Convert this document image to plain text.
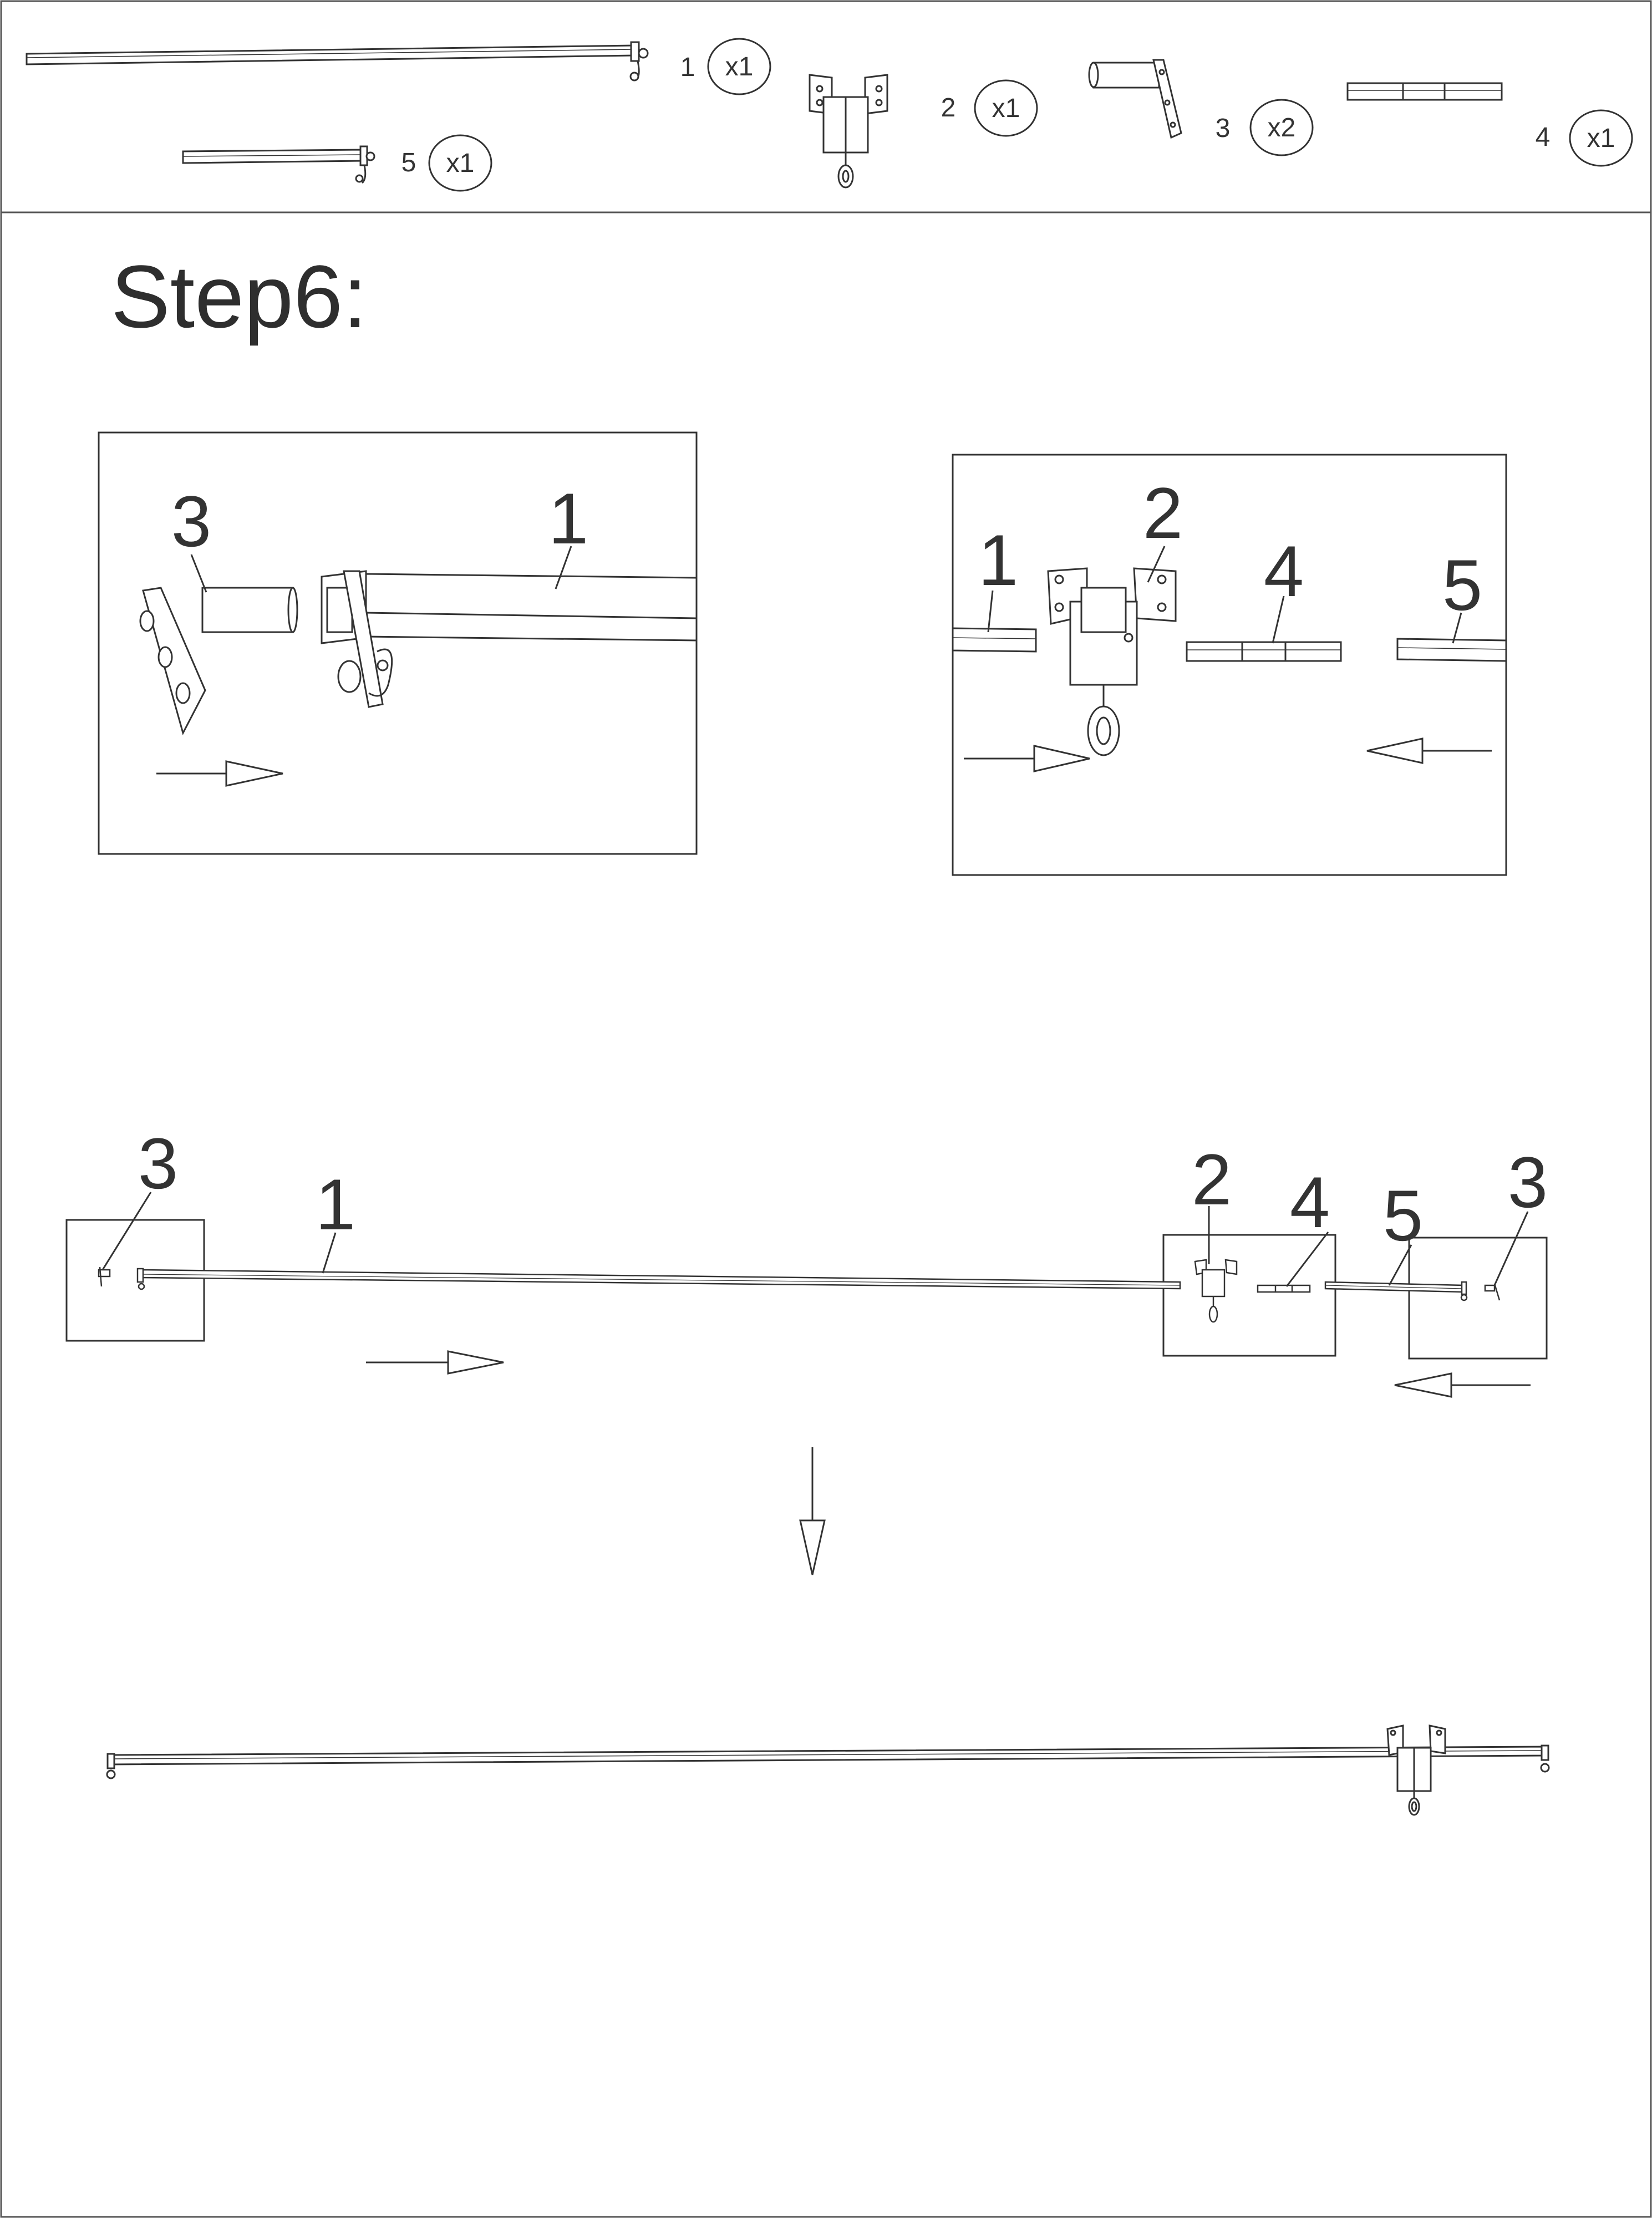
1 x1
5 x1
2 x1
3 x2	4 x1
Step6:
3	1
1
2
4 5
3
1	2 4 5 3
